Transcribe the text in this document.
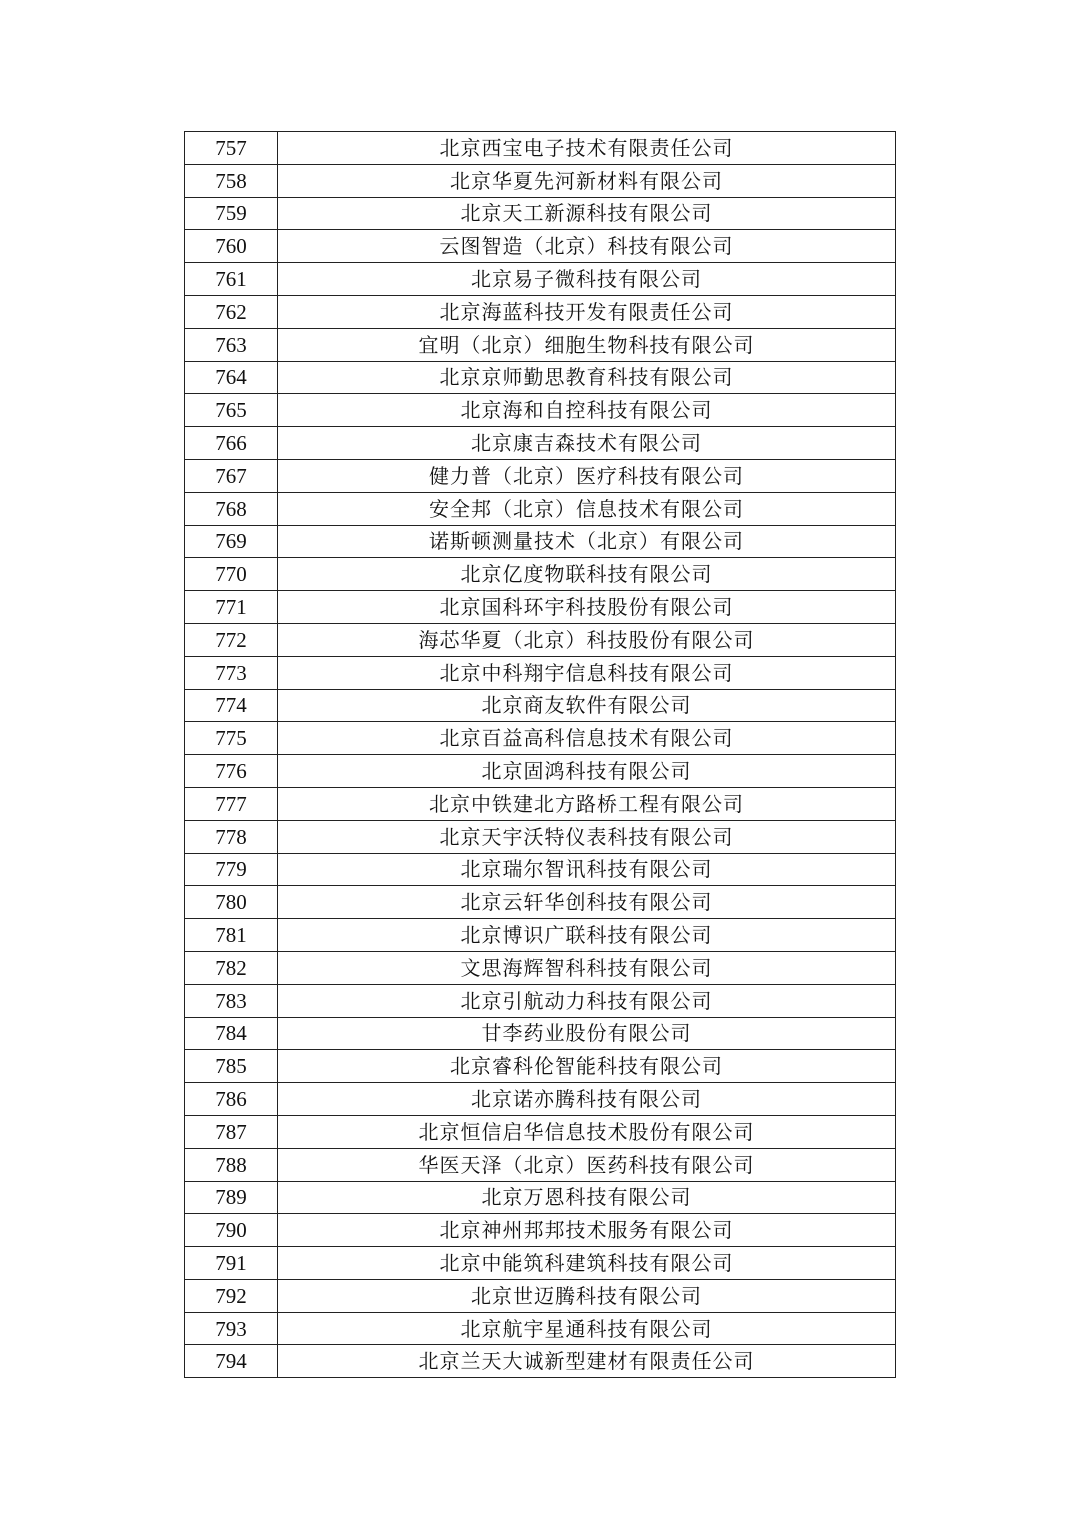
757	北京西宝电子技术有限责任公司
758	北京华夏先河新材料有限公司
759	北京天工新源科技有限公司
760	云图智造（北京）科技有限公司
761	北京易子微科技有限公司
762	北京海蓝科技开发有限责任公司
763	宜明（北京）细胞生物科技有限公司
764	北京京师勤思教育科技有限公司
765	北京海和自控科技有限公司
766	北京康吉森技术有限公司
767	健力普（北京）医疗科技有限公司
768	安全邦（北京）信息技术有限公司
769	诺斯顿测量技术（北京）有限公司
770	北京亿度物联科技有限公司
771	北京国科环宇科技股份有限公司
772	海芯华夏（北京）科技股份有限公司
773	北京中科翔宇信息科技有限公司
774	北京商友软件有限公司
775	北京百益高科信息技术有限公司
776	北京固鸿科技有限公司
777	北京中铁建北方路桥工程有限公司
778	北京天宇沃特仪表科技有限公司
779	北京瑞尔智讯科技有限公司
780	北京云轩华创科技有限公司
781	北京博识广联科技有限公司
782	文思海辉智科科技有限公司
783	北京引航动力科技有限公司
784	甘李药业股份有限公司
785	北京睿科伦智能科技有限公司
786	北京诺亦腾科技有限公司
787	北京恒信启华信息技术股份有限公司
788	华医天泽（北京）医药科技有限公司
789	北京万恩科技有限公司
790	北京神州邦邦技术服务有限公司
791	北京中能筑科建筑科技有限公司
792	北京世迈腾科技有限公司
793	北京航宇星通科技有限公司
794	北京兰天大诚新型建材有限责任公司
